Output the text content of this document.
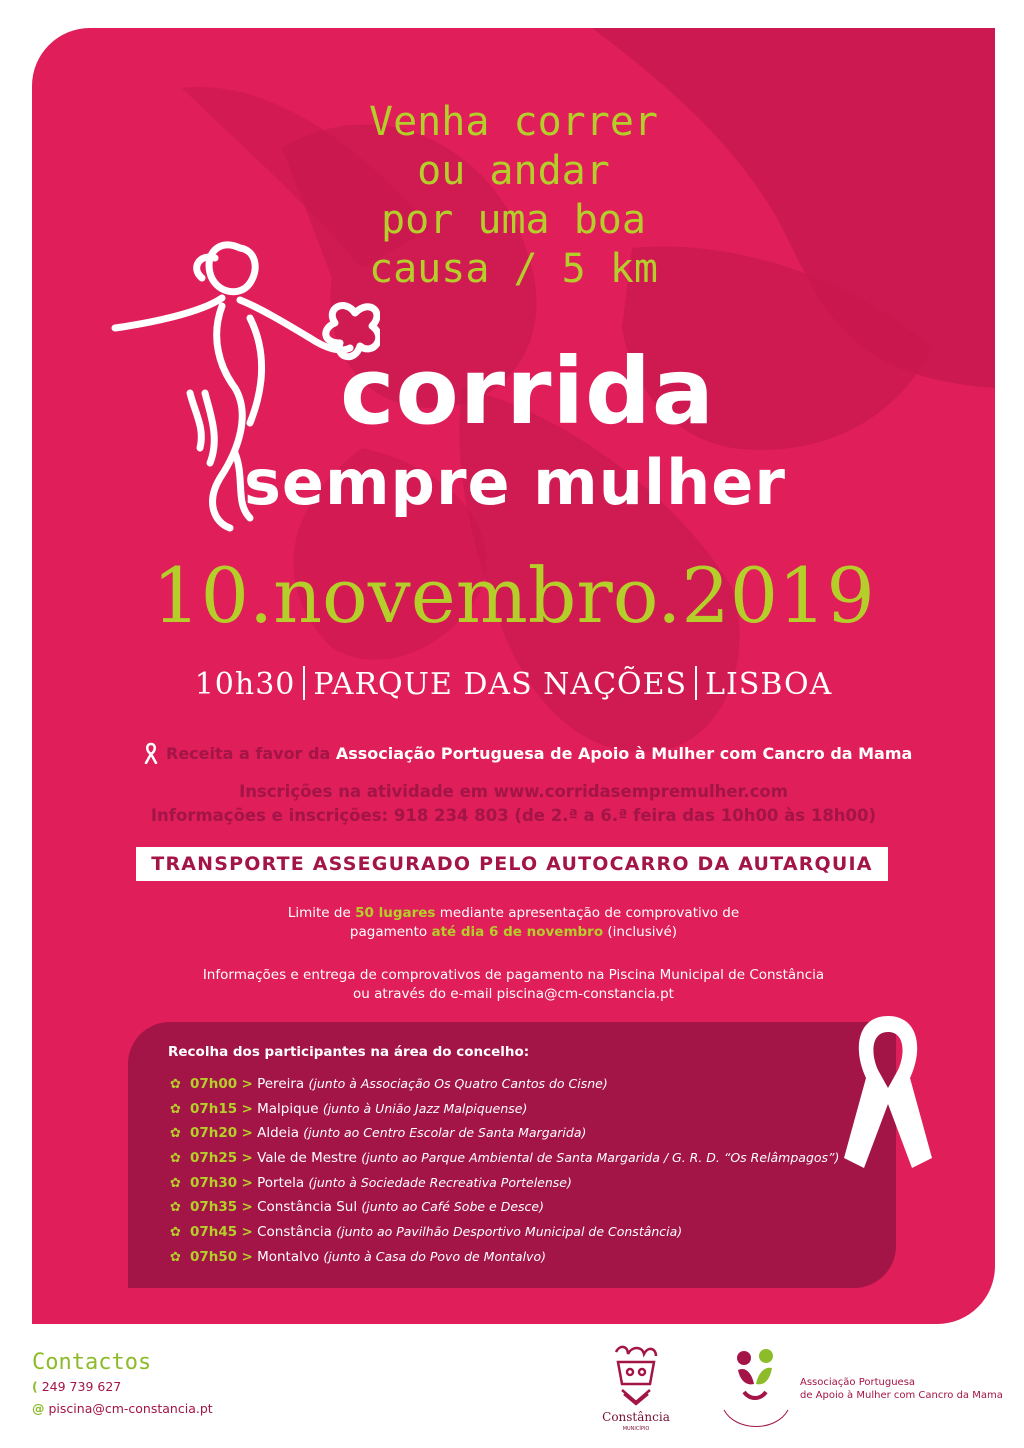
Venha correr
ou andar
por uma boa
causa / 5 km
corrida
sempre mulher
10.novembro.2019
10h30 PARQUE DAS NAÇÕES LISBOA
Receita a favor da Associação Portuguesa de Apoio à Mulher com Cancro da Mama
Inscrições na atividade em www.corridasempremulher.com
Informações e inscrições: 918 234 803 (de 2.ª a 6.ª feira das 10h00 às 18h00)
TRANSPORTE ASSEGURADO PELO AUTOCARRO DA AUTARQUIA
Limite de 50 lugares mediante apresentação de comprovativo de
pagamento até dia 6 de novembro (inclusivé)
Informações e entrega de comprovativos de pagamento na Piscina Municipal de Constância
ou através do e-mail piscina@cm-constancia.pt
Recolha dos participantes na área do concelho:
✿ 07h00 > Pereira (junto à Associação Os Quatro Cantos do Cisne)
✿ 07h15 > Malpique (junto à União Jazz Malpiquense)
✿ 07h20 > Aldeia (junto ao Centro Escolar de Santa Margarida)
✿ 07h25 > Vale de Mestre (junto ao Parque Ambiental de Santa Margarida / G. R. D. “Os Relâmpagos”)
✿ 07h30 > Portela (junto à Sociedade Recreativa Portelense)
✿ 07h35 > Constância Sul (junto ao Café Sobe e Desce)
✿ 07h45 > Constância (junto ao Pavilhão Desportivo Municipal de Constância)
✿ 07h50 > Montalvo (junto à Casa do Povo de Montalvo)
Contactos
( 249 739 627
@ piscina@cm-constancia.pt
Constância
MUNICÍPIO
Associação Portuguesa
de Apoio à Mulher com Cancro da Mama
